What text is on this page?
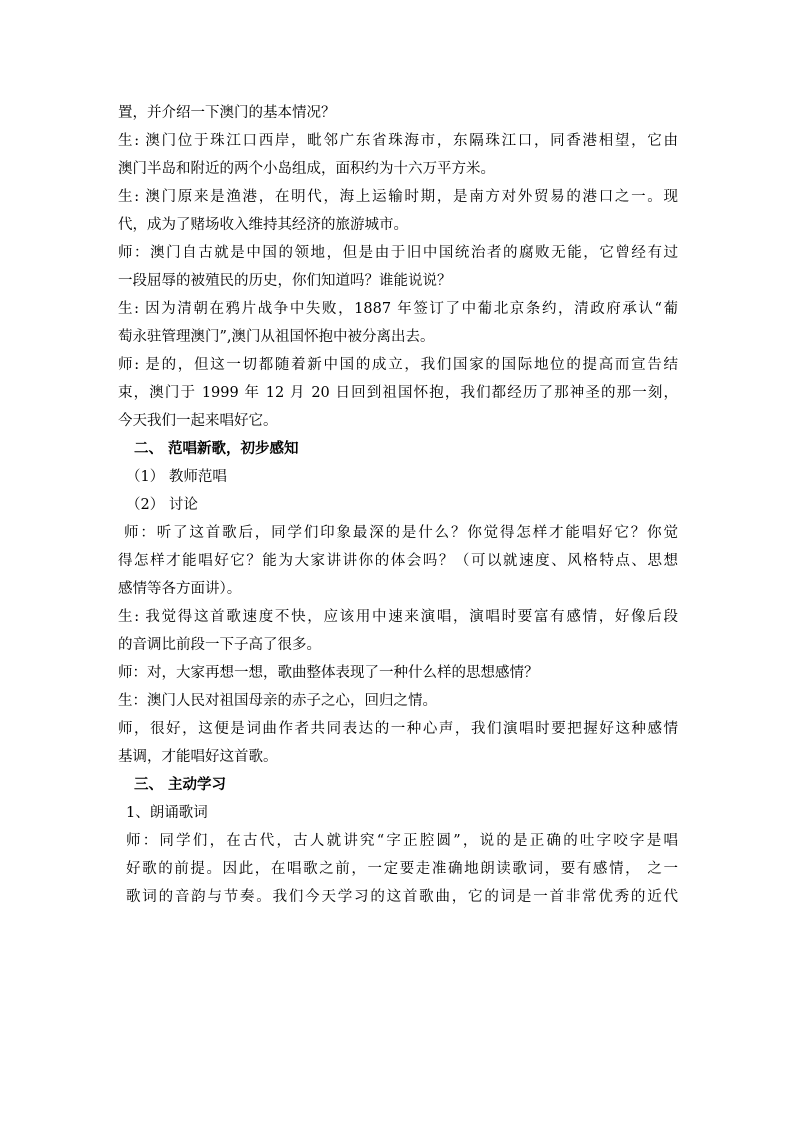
置，并介绍一下澳门的基本情况？
生: 澳门位于珠江口西岸，毗邻广东省珠海市，东隔珠江口，同香港相望，它由
澳门半岛和附近的两个小岛组成，面积约为十六万平方米。
生: 澳门原来是渔港，在明代，海上运输时期，是南方对外贸易的港口之一。现
代，成为了赌场收入维持其经济的旅游城市。
师：澳门自古就是中国的领地，但是由于旧中国统治者的腐败无能，它曾经有过
一段屈辱的被殖民的历史，你们知道吗？谁能说说？
生: 因为清朝在鸦片战争中失败，1887 年签订了中葡北京条约，清政府承认“葡
萄永驻管理澳门”,澳门从祖国怀抱中被分离出去。
师: 是的，但这一切都随着新中国的成立，我们国家的国际地位的提高而宣告结
束，澳门于 1999 年 12 月 20 日回到祖国怀抱，我们都经历了那神圣的那一刻，
今天我们一起来唱好它。
二、 范唱新歌，初步感知
（1） 教师范唱
（2） 讨论
师：听了这首歌后，同学们印象最深的是什么？你觉得怎样才能唱好它？你觉
得怎样才能唱好它？能为大家讲讲你的体会吗？（可以就速度、风格特点、思想
感情等各方面讲）。
生: 我觉得这首歌速度不快，应该用中速来演唱，演唱时要富有感情，好像后段
的音调比前段一下子高了很多。
师：对，大家再想一想，歌曲整体表现了一种什么样的思想感情？
生：澳门人民对祖国母亲的赤子之心，回归之情。
师，很好，这便是词曲作者共同表达的一种心声，我们演唱时要把握好这种感情
基调，才能唱好这首歌。
三、 主动学习
1、朗诵歌词
师：同学们，在古代，古人就讲究“字正腔圆”，说的是正确的吐字咬字是唱
好歌的前提。因此，在唱歌之前，一定要走准确地朗读歌词，要有感情， 之一
歌词的音韵与节奏。我们今天学习的这首歌曲，它的词是一首非常优秀的近代
